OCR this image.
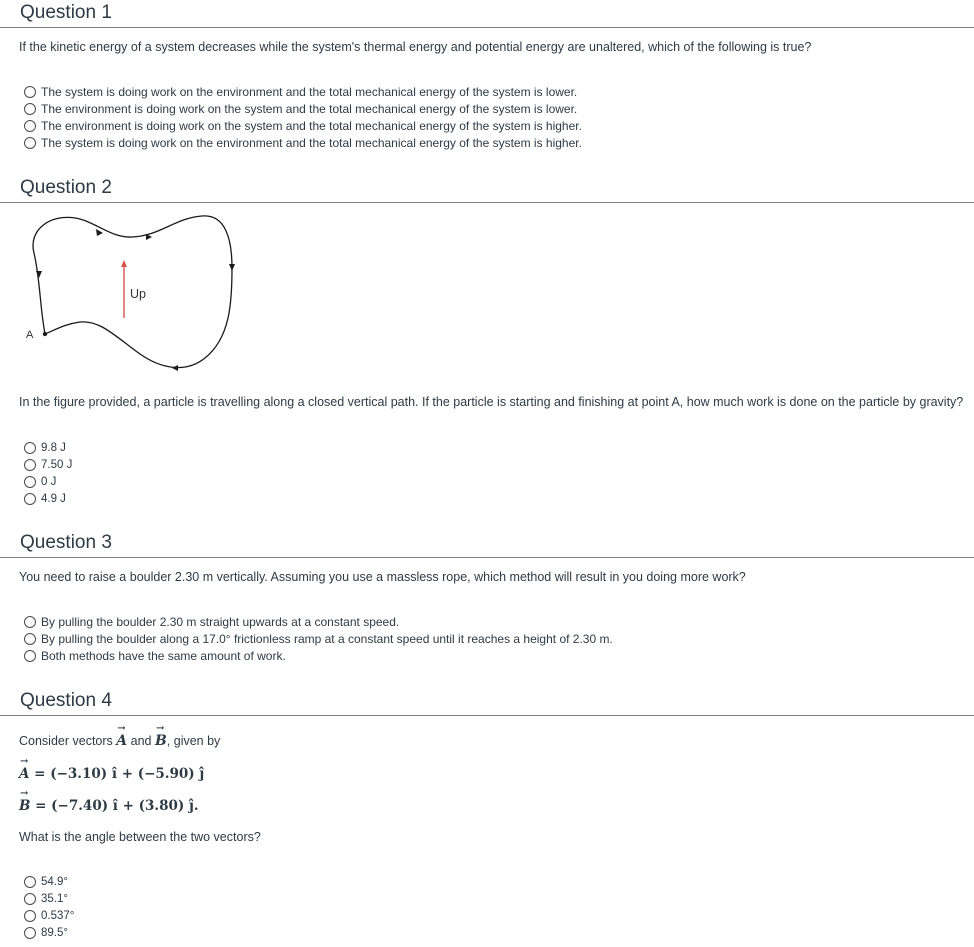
Question 1
If the kinetic energy of a system decreases while the system's thermal energy and potential energy are unaltered, which of the following is true?
The system is doing work on the environment and the total mechanical energy of the system is lower.
The environment is doing work on the system and the total mechanical energy of the system is lower.
The environment is doing work on the system and the total mechanical energy of the system is higher.
The system is doing work on the environment and the total mechanical energy of the system is higher.
Question 2
Up
A
In the figure provided, a particle is travelling along a closed vertical path. If the particle is starting and finishing at point A, how much work is done on the particle by gravity?
9.8 J
7.50 J
0 J
4.9 J
Question 3
You need to raise a boulder 2.30 m vertically. Assuming you use a massless rope, which method will result in you doing more work?
By pulling the boulder 2.30 m straight upwards at a constant speed.
By pulling the boulder along a 17.0° frictionless ramp at a constant speed until it reaches a height of 2.30 m.
Both methods have the same amount of work.
Question 4
Consider vectors → A and → B, given by
→ A = (−3.10) î + (−5.90) ĵ
→ B = (−7.40) î + (3.80) ĵ.
What is the angle between the two vectors?
54.9°
35.1°
0.537°
89.5°
